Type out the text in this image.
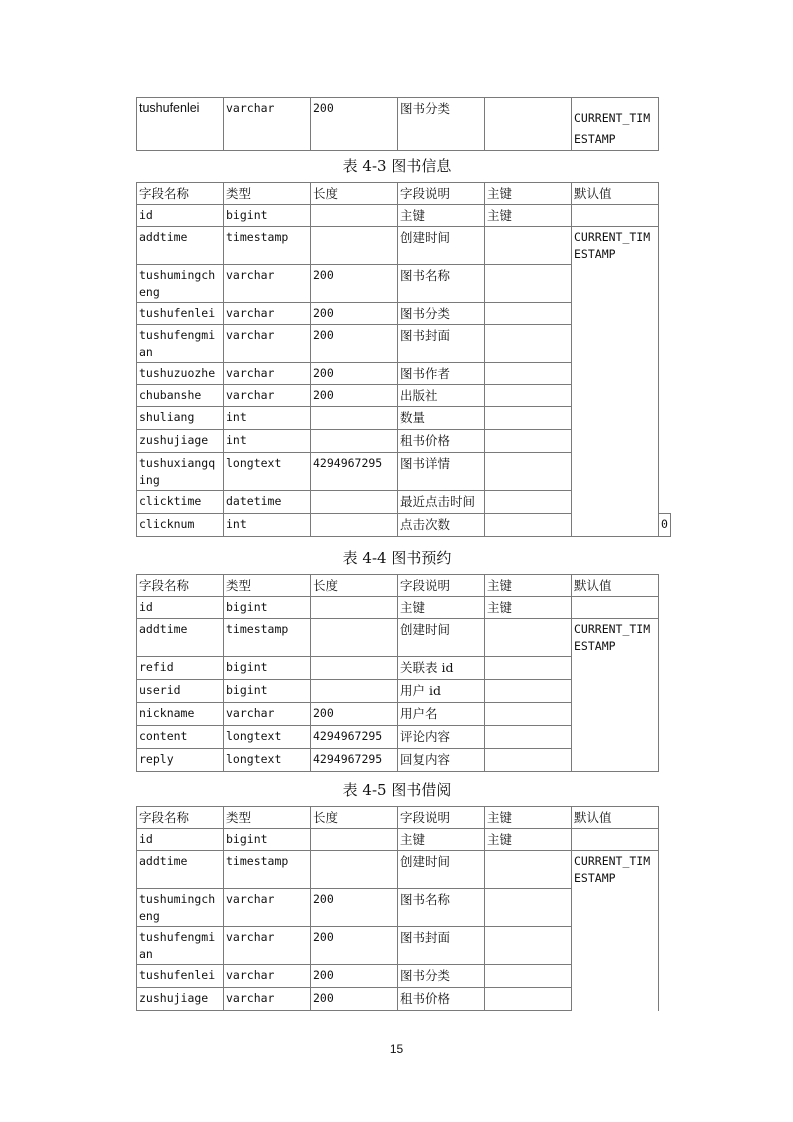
tushufenlei	varchar	200	图书分类		CURRENT_TIMESTAMP
表 4-3 图书信息
字段名称	类型	长度	字段说明	主键	默认值	
id	bigint		主键	主键		
addtime	timestamp		创建时间		CURRENT_TIMESTAMP	
tushumingcheng	varchar	200	图书名称			
tushufenlei	varchar	200	图书分类			
tushufengmian	varchar	200	图书封面			
tushuzuozhe	varchar	200	图书作者			
chubanshe	varchar	200	出版社			
shuliang	int		数量			
zushujiage	int		租书价格			
tushuxiangqing	longtext	4294967295	图书详情			
clicktime	datetime		最近点击时间			
clicknum	int		点击次数			0
表 4-4 图书预约
字段名称	类型	长度	字段说明	主键	默认值
id	bigint		主键	主键	
addtime	timestamp		创建时间		CURRENT_TIMESTAMP
refid	bigint		关联表 id		
userid	bigint		用户 id		
nickname	varchar	200	用户名		
content	longtext	4294967295	评论内容		
reply	longtext	4294967295	回复内容		
表 4-5 图书借阅
字段名称	类型	长度	字段说明	主键	默认值
id	bigint		主键	主键	
addtime	timestamp		创建时间		CURRENT_TIMESTAMP
tushumingcheng	varchar	200	图书名称		
tushufengmian	varchar	200	图书封面		
tushufenlei	varchar	200	图书分类		
zushujiage	varchar	200	租书价格		
15
